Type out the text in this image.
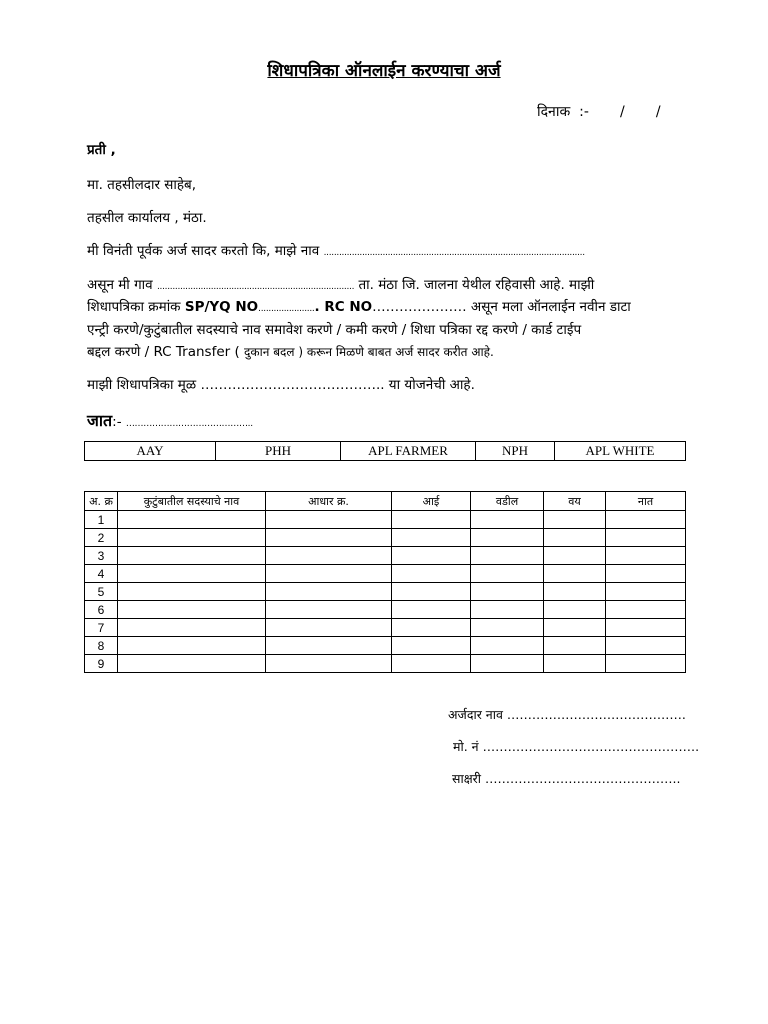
शिधापत्रिका ऑनलाईन करण्याचा अर्ज
दिनाक  :-       /       /
प्रती ,
मा. तहसीलदार साहेब,
तहसील कार्यालय , मंठा.
मी विनंती पूर्वक अर्ज सादर करतो कि, माझे नाव ......................................................................................................
असून मी गाव ............................................................................. ता. मंठा जि. जालना येथील रहिवासी आहे. माझी
शिधापत्रिका क्रमांक SP/YQ NO....................... RC NO………………… असून मला ऑनलाईन नवीन डाटा
एन्ट्री करणे/कुटुंबातील सदस्याचे नाव समावेश करणे / कमी करणे / शिधा पत्रिका रद्द करणे / कार्ड टाईप
बद्दल करणे / RC Transfer ( दुकान बदल ) करून मिळणे बाबत अर्ज सादर करीत आहे.
माझी शिधापत्रिका मूळ ………………………………….. या योजनेची आहे.
जात:- ……………………………………..
AAY	PHH	APL FARMER	NPH	APL WHITE
अ. क्र	कुटुंबातील सदस्याचे नाव	आधार क्र.	आई	वडील	वय	नात
1						
2						
3						
4						
5						
6						
7						
8						
9						
अर्जदार नाव …………………………………….
मो. नं …………………………………………….
साक्षरी ………………………………………..
